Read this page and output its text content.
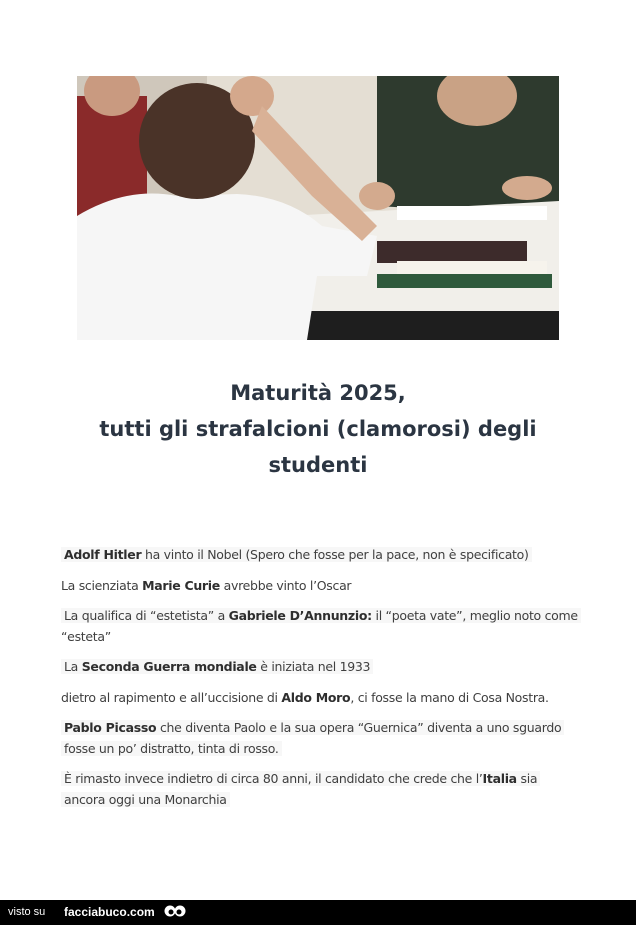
Maturità 2025,
tutti gli strafalcioni (clamorosi) degli
studenti
Adolf Hitler ha vinto il Nobel (Spero che fosse per la pace, non è specificato)
La scienziata Marie Curie avrebbe vinto l’Oscar
La qualifica di “estetista” a Gabriele D’Annunzio: il “poeta vate”, meglio noto come
“esteta”
La Seconda Guerra mondiale è iniziata nel 1933
dietro al rapimento e all’uccisione di Aldo Moro, ci fosse la mano di Cosa Nostra.
Pablo Picasso che diventa Paolo e la sua opera “Guernica” diventa a uno sguardo
fosse un po’ distratto, tinta di rosso.
È rimasto invece indietro di circa 80 anni, il candidato che crede che l’Italia sia
ancora oggi una Monarchia
visto su facciabuco.com
